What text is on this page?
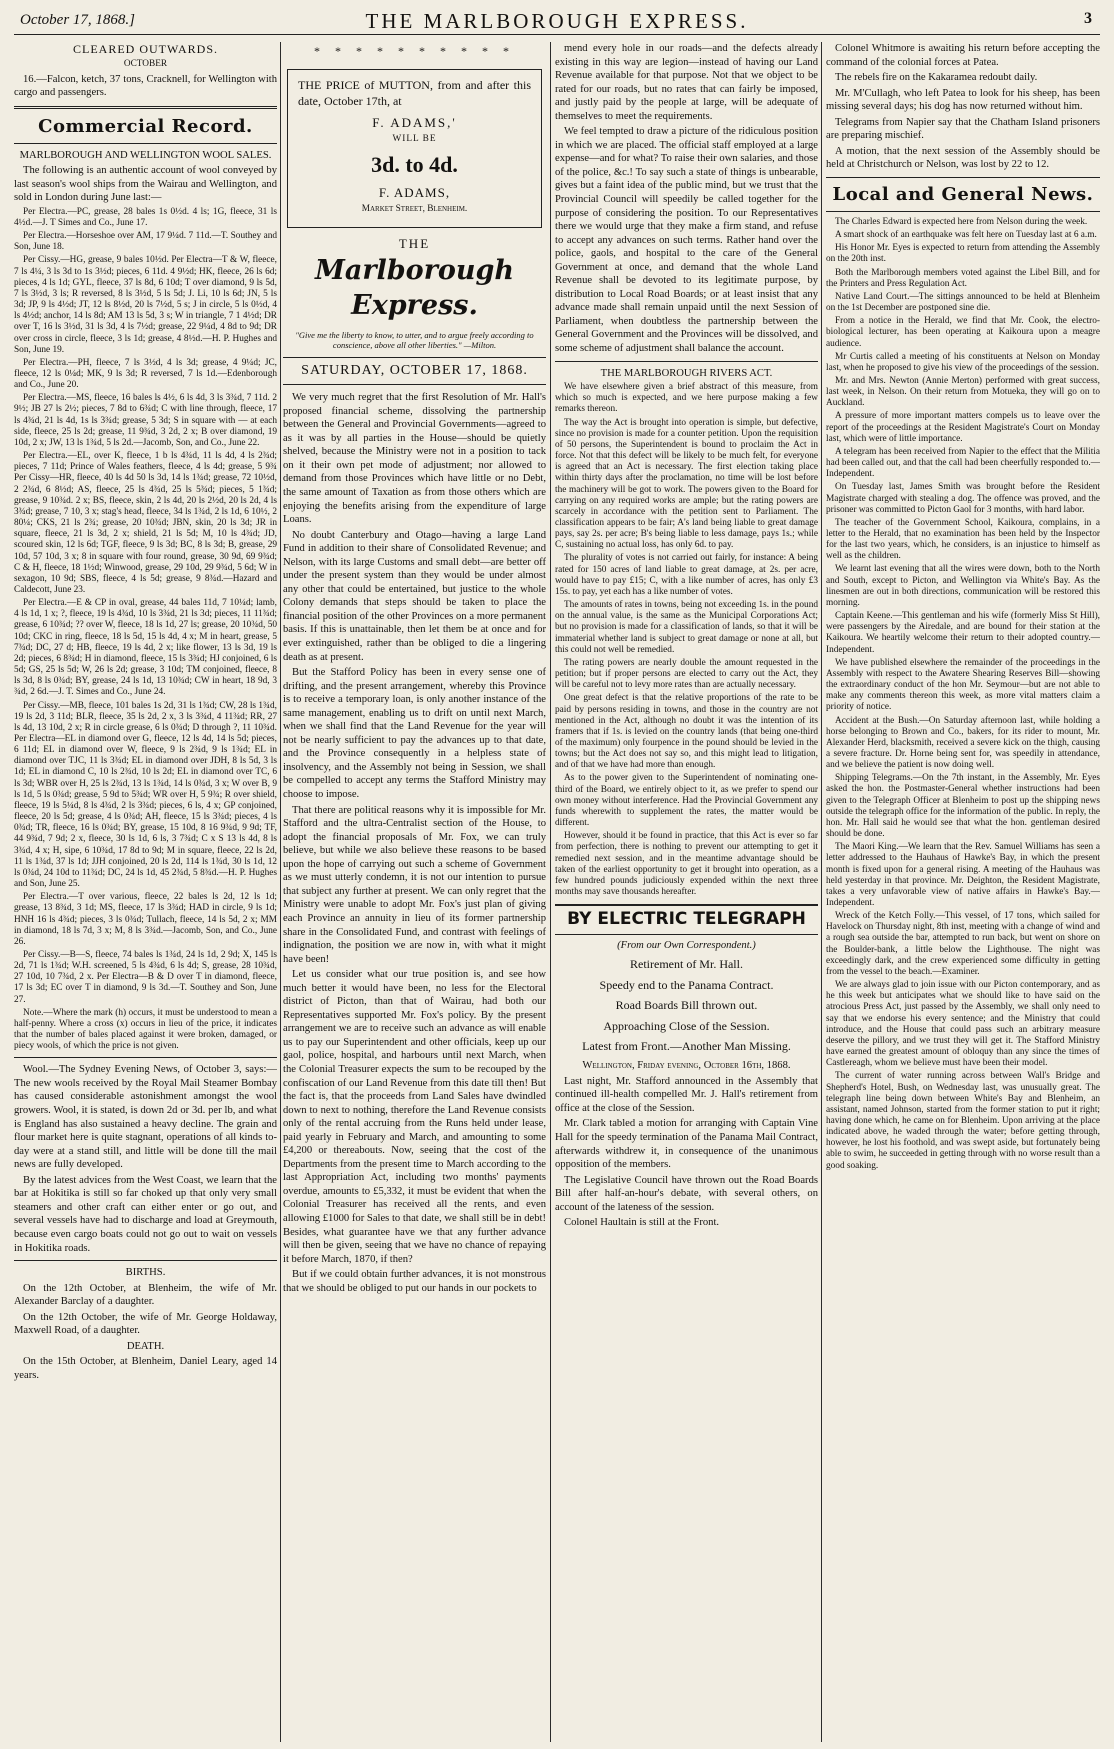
October 17, 1868.]	THE MARLBOROUGH EXPRESS.	3

CLEARED OUTWARDS.

OCTOBER

16.—Falcon, ketch, 37 tons, Cracknell, for Wellington with cargo and passengers.

Commercial Record.

MARLBOROUGH AND WELLINGTON WOOL SALES.

The following is an authentic account of wool conveyed by last season's wool ships from the Wairau and Wellington, and sold in London during June last:—

Per Electra.—PC, grease, 28 bales 1s 0½d. 4 ls; 1G, fleece, 31 ls 4½d.—J. T Simes and Co., June 17.

Per Electra.—Horseshoe over AM, 17 9¼d. 7 11d.—T. Southey and Son, June 18.

Per Cissy.—HG, grease, 9 bales 10½d. Per Electra—T & W, fleece, 7 ls 4¼, 3 ls 3d to 1s 3½d; pieces, 6 11d. 4 9½d; HK, fleece, 26 ls 6d; pieces, 4 ls 1d; GYL, fleece, 37 ls 8d, 6 10d; T over diamond, 9 ls 5d, 7 ls 3½d, 3 ls; R reversed, 8 ls 3½d, 5 ls 5d; J. Li, 10 ls 6d; JN, 5 ls 3d; JP, 9 ls 4½d; JT, 12 ls 8½d, 20 ls 7½d, 5 s; J in circle, 5 ls 0½d, 4 ls 4½d; anchor, 14 ls 8d; AM 13 ls 5d, 3 s; W in triangle, 7 1 4½d; DR over T, 16 ls 3½d, 31 ls 3d, 4 ls 7½d; grease, 22 9¼d, 4 8d to 9d; DR over cross in circle, fleece, 3 ls 1d; grease, 4 8½d.—H. P. Hughes and Son, June 19.

Per Electra.—PH, fleece, 7 ls 3½d, 4 ls 3d; grease, 4 9¼d; JC, fleece, 12 ls 0¼d; MK, 9 ls 3d; R reversed, 7 ls 1d.—Edenborough and Co., June 20.

Per Electra.—MS, fleece, 16 bales ls 4½, 6 ls 4d, 3 ls 3¾d, 7 11d. 2 9½; JB 27 ls 2½; pieces, 7 8d to 6¾d; C with line through, fleece, 17 ls 4¾d, 21 ls 4d, 1s ls 3¾d; grease, 5 3d; S in square with — at each side, fleece, 25 ls 2d; grease, 11 9¾d, 3 2d, 2 x; B over diamond, 19 10d, 2 x; JW, 13 ls 1¾d, 5 ls 2d.—Jacomb, Son, and Co., June 22.

Per Electra.—EL, over K, fleece, 1 b ls 4¾d, 11 ls 4d, 4 ls 2¾d; pieces, 7 11d; Prince of Wales feathers, fleece, 4 ls 4d; grease, 5 9¾ Per Cissy—HR, fleece, 40 ls 4d 50 ls 3d, 14 ls 1¾d; grease, 72 10½d, 2 2¾d, 6 8½d; AS, fleece, 25 ls 4¾d, 25 ls 5¾d; pieces, 5 1¾d; grease, 9 10¾d. 2 x; BS, fleece, skin, 2 ls 4d, 20 ls 2½d, 20 ls 2d, 4 ls 3¾d; grease, 7 10, 3 x; stag's head, fleece, 34 ls 1¾d, 2 ls 1d, 6 10½, 2 80¼; CKS, 21 ls 2¾; grease, 20 10¾d; JBN, skin, 20 ls 3d; JR in square, fleece, 21 ls 3d, 2 x; shield, 21 ls 5d; M, 10 ls 4¾d; JD, scoured skin, 12 ls 6d; TGF, fleece, 9 ls 3d; BC, 8 ls 3d; B, grease, 29 10d, 57 10d, 3 x; 8 in square with four round, grease, 30 9d, 69 9¾d; C & H, fleece, 18 1½d; Winwood, grease, 29 10d, 29 9¾d, 5 6d; W in sexagon, 10 9d; SBS, fleece, 4 ls 5d; grease, 9 8¾d.—Hazard and Caldecott, June 23.

Per Electra.—E & CP in oval, grease, 44 bales 11d, 7 10¼d; lamb, 4 ls 1d, 1 x; ?, fleece, 19 ls 4¾d, 10 ls 3¾d, 21 ls 3d; pieces, 11 11¾d; grease, 6 10¾d; ?? over W, fleece, 18 ls 1d, 27 ls; grease, 20 10¾d, 50 10d; CKC in ring, fleece, 18 ls 5d, 15 ls 4d, 4 x; M in heart, grease, 5 7¾d; DC, 27 d; HB, fleece, 19 ls 4d, 2 x; like flower, 13 ls 3d, 19 ls 2d; pieces, 6 8¾d; H in diamond, fleece, 15 ls 3¾d; HJ conjoined, 6 ls 5d; GS, 25 ls 5d; W, 26 ls 2d; grease, 3 10d; TM conjoined, fleece, 8 ls 3d, 8 ls 0¾d; BY, grease, 24 ls 1d, 13 10¾d; CW in heart, 18 9d, 3 ¾d, 2 6d.—J. T. Simes and Co., June 24.

Per Cissy.—MB, fleece, 101 bales 1s 2d, 31 ls 1¾d; CW, 28 ls 1¾d, 19 ls 2d, 3 11d; BLR, fleece, 35 ls 2d, 2 x, 3 ls 3¾d, 4 11¾d; RR, 27 ls 4d, 13 10d, 2 x; R in circle grease, 6 ls 0¾d; D through ?, 11 10¾d. Per Electra—EL in diamond over G, fleece, 12 ls 4d, 14 ls 5d; pieces, 6 11d; EL in diamond over W, fleece, 9 ls 2¾d, 9 ls 1¾d; EL in diamond over TJC, 11 ls 3¾d; EL in diamond over JDH, 8 ls 5d, 3 ls 1d; EL in diamond C, 10 ls 2¾d, 10 ls 2d; EL in diamond over TC, 6 ls 3d; WBR over H, 25 ls 2¾d, 13 ls 1¾d, 14 ls 0¾d, 3 x; W over B, 9 ls 1d, 5 ls 0¾d; grease, 5 9d to 5¾d; WR over H, 5 9¾; R over shield, fleece, 19 ls 5¼d, 8 ls 4¾d, 2 ls 3¾d; pieces, 6 ls, 4 x; GP conjoined, fleece, 20 ls 5d; grease, 4 ls 0¾d; AH, fleece, 15 ls 3¾d; pieces, 4 ls 0¾d; TR, fleece, 16 ls 0¾d; BY, grease, 15 10d, 8 16 9¾d, 9 9d; TF, 44 9¾d, 7 9d; 2 x, fleece, 30 ls 1d, 6 ls, 3 7¾d; C x S 13 ls 4d, 8 ls 3¾d, 4 x; H, sipe, 6 10¾d, 17 8d to 9d; M in square, fleece, 22 ls 2d, 11 ls 1¾d, 37 ls 1d; JJH conjoined, 20 ls 2d, 114 ls 1¾d, 30 ls 1d, 12 ls 0¾d, 24 10d to 11¾d; DC, 24 ls 1d, 45 2¾d, 5 8¾d.—H. P. Hughes and Son, June 25.

Per Electra.—T over various, fleece, 22 bales ls 2d, 12 ls 1d; grease, 13 8¾d, 3 1d; MS, fleece, 17 ls 3¾d; HAD in circle, 9 ls 1d; HNH 16 ls 4¾d; pieces, 3 ls 0¾d; Tullach, fleece, 14 ls 5d, 2 x; MM in diamond, 18 ls 7d, 3 x; M, 8 ls 3¾d.—Jacomb, Son, and Co., June 26.

Per Cissy.—B—S, fleece, 74 bales ls 1¾d, 24 ls 1d, 2 9d; X, 145 ls 2d, 71 ls 1¾d; W.H. screened, 5 ls 4¾d, 6 ls 4d; S, grease, 28 10¾d, 27 10d, 10 7¾d, 2 x. Per Electra—B & D over T in diamond, fleece, 17 ls 3d; EC over T in diamond, 9 ls 3d.—T. Southey and Son, June 27.

Note.—Where the mark (h) occurs, it must be understood to mean a half-penny. Where a cross (x) occurs in lieu of the price, it indicates that the number of bales placed against it were broken, damaged, or piecy wools, of which the price is not given.

Wool.—The Sydney Evening News, of October 3, says:—The new wools received by the Royal Mail Steamer Bombay has caused considerable astonishment amongst the wool growers. Wool, it is stated, is down 2d or 3d. per lb, and what is England has also sustained a heavy decline. The grain and flour market here is quite stagnant, operations of all kinds to-day were at a stand still, and little will be done till the mail news are fully developed.

By the latest advices from the West Coast, we learn that the bar at Hokitika is still so far choked up that only very small steamers and other craft can either enter or go out, and several vessels have had to discharge and load at Greymouth, because even cargo boats could not go out to wait on vessels in Hokitika roads.

BIRTHS.

On the 12th October, at Blenheim, the wife of Mr. Alexander Barclay of a daughter.

On the 12th October, the wife of Mr. George Holdaway, Maxwell Road, of a daughter.

DEATH.

On the 15th October, at Blenheim, Daniel Leary, aged 14 years.

* * * * * * * * * *

THE PRICE of MUTTON, from and after this date, October 17th, at

F. ADAMS,'

WILL BE

3d. to 4d.

F. ADAMS,

Market Street, Blenheim.

THE

Marlborough Express.

"Give me the liberty to know, to utter, and to argue freely according to conscience, above all other liberties." —Milton.

SATURDAY, OCTOBER 17, 1868.

We very much regret that the first Resolution of Mr. Hall's proposed financial scheme, dissolving the partnership between the General and Provincial Governments—agreed to as it was by all parties in the House—should be quietly shelved, because the Ministry were not in a position to tack on it their own pet mode of adjustment; nor allowed to demand from those Provinces which have little or no Debt, the same amount of Taxation as from those others which are enjoying the benefits arising from the expenditure of large Loans.

No doubt Canterbury and Otago—having a large Land Fund in addition to their share of Consolidated Revenue; and Nelson, with its large Customs and small debt—are better off under the present system than they would be under almost any other that could be entertained, but justice to the whole Colony demands that steps should be taken to place the financial position of the other Provinces on a more permanent basis. If this is unattainable, then let them be at once and for ever extinguished, rather than be obliged to die a lingering death as at present.

But the Stafford Policy has been in every sense one of drifting, and the present arrangement, whereby this Province is to receive a temporary loan, is only another instance of the same management, enabling us to drift on until next March, when we shall find that the Land Revenue for the year will not be nearly sufficient to pay the advances up to that date, and the Province consequently in a helpless state of insolvency, and the Assembly not being in Session, we shall be compelled to accept any terms the Stafford Ministry may choose to impose.

That there are political reasons why it is impossible for Mr. Stafford and the ultra-Centralist section of the House, to adopt the financial proposals of Mr. Fox, we can truly believe, but while we also believe these reasons to be based upon the hope of carrying out such a scheme of Government as we must utterly condemn, it is not our intention to pursue that subject any further at present. We can only regret that the Ministry were unable to adopt Mr. Fox's just plan of giving each Province an annuity in lieu of its former partnership share in the Consolidated Fund, and contrast with feelings of indignation, the position we are now in, with what it might have been!

Let us consider what our true position is, and see how much better it would have been, no less for the Electoral district of Picton, than that of Wairau, had both our Representatives supported Mr. Fox's policy. By the present arrangement we are to receive such an advance as will enable us to pay our Superintendent and other officials, keep up our gaol, police, hospital, and harbours until next March, when the Colonial Treasurer expects the sum to be recouped by the confiscation of our Land Revenue from this date till then! But the fact is, that the proceeds from Land Sales have dwindled down to next to nothing, therefore the Land Revenue consists only of the rental accruing from the Runs held under lease, paid yearly in February and March, and amounting to some £4,200 or thereabouts. Now, seeing that the cost of the Departments from the present time to March according to the last Appropriation Act, including two months' payments overdue, amounts to £5,332, it must be evident that when the Colonial Treasurer has received all the rents, and even allowing £1000 for Sales to that date, we shall still be in debt! Besides, what guarantee have we that any further advance will then be given, seeing that we have no chance of repaying it before March, 1870, if then?

But if we could obtain further advances, it is not monstrous that we should be obliged to put our hands in our pockets to

mend every hole in our roads—and the defects already existing in this way are legion—instead of having our Land Revenue available for that purpose. Not that we object to be rated for our roads, but no rates that can fairly be imposed, and justly paid by the people at large, will be adequate of themselves to meet the requirements.

We feel tempted to draw a picture of the ridiculous position in which we are placed. The official staff employed at a large expense—and for what? To raise their own salaries, and those of the police, &c.! To say such a state of things is unbearable, gives but a faint idea of the public mind, but we trust that the Provincial Council will speedily be called together for the purpose of considering the position. To our Representatives there we would urge that they make a firm stand, and refuse to accept any advances on such terms. Rather hand over the police, gaols, and hospital to the care of the General Government at once, and demand that the whole Land Revenue shall be devoted to its legitimate purpose, by distribution to Local Road Boards; or at least insist that any advance made shall remain unpaid until the next Session of Parliament, when doubtless the partnership between the General Government and the Provinces will be dissolved, and some scheme of adjustment shall balance the account.

THE MARLBOROUGH RIVERS ACT.

We have elsewhere given a brief abstract of this measure, from which so much is expected, and we here purpose making a few remarks thereon.

The way the Act is brought into operation is simple, but defective, since no provision is made for a counter petition. Upon the requisition of 50 persons, the Superintendent is bound to proclaim the Act in force. Not that this defect will be likely to be much felt, for everyone is agreed that an Act is necessary. The first election taking place within thirty days after the proclamation, no time will be lost before the machinery will be got to work. The powers given to the Board for carrying on any required works are ample; but the rating powers are scarcely in accordance with the petition sent to Parliament. The classification appears to be fair; A's land being liable to great damage pays, say 2s. per acre; B's being liable to less damage, pays 1s.; while C, sustaining no actual loss, has only 6d. to pay.

The plurality of votes is not carried out fairly, for instance: A being rated for 150 acres of land liable to great damage, at 2s. per acre, would have to pay £15; C, with a like number of acres, has only £3 15s. to pay, yet each has a like number of votes.

The amounts of rates in towns, being not exceeding 1s. in the pound on the annual value, is the same as the Municipal Corporations Act; but no provision is made for a classification of lands, so that it will be immaterial whether land is subject to great damage or none at all, but this could not well be remedied.

The rating powers are nearly double the amount requested in the petition; but if proper persons are elected to carry out the Act, they will be careful not to levy more rates than are actually necessary.

One great defect is that the relative proportions of the rate to be paid by persons residing in towns, and those in the country are not mentioned in the Act, although no doubt it was the intention of its framers that if 1s. is levied on the country lands (that being one-third of the maximum) only fourpence in the pound should be levied in the towns; but the Act does not say so, and this might lead to litigation, and of that we have had more than enough.

As to the power given to the Superintendent of nominating one-third of the Board, we entirely object to it, as we prefer to spend our own money without interference. Had the Provincial Government any funds wherewith to supplement the rates, the matter would be different.

However, should it be found in practice, that this Act is ever so far from perfection, there is nothing to prevent our attempting to get it remedied next session, and in the meantime advantage should be taken of the earliest opportunity to get it brought into operation, as a few hundred pounds judiciously expended within the next three months may save thousands hereafter.

BY ELECTRIC TELEGRAPH

(From our Own Correspondent.)

Retirement of Mr. Hall.

Speedy end to the Panama Contract.

Road Boards Bill thrown out.

Approaching Close of the Session.

Latest from Front.—Another Man Missing.

Wellington, Friday evening, October 16th, 1868.

Last night, Mr. Stafford announced in the Assembly that continued ill-health compelled Mr. J. Hall's retirement from office at the close of the Session.

Mr. Clark tabled a motion for arranging with Captain Vine Hall for the speedy termination of the Panama Mail Contract, afterwards withdrew it, in consequence of the unanimous opposition of the members.

The Legislative Council have thrown out the Road Boards Bill after half-an-hour's debate, with several others, on account of the lateness of the session.

Colonel Haultain is still at the Front.

Colonel Whitmore is awaiting his return before accepting the command of the colonial forces at Patea.

The rebels fire on the Kakaramea redoubt daily.

Mr. M'Cullagh, who left Patea to look for his sheep, has been missing several days; his dog has now returned without him.

Telegrams from Napier say that the Chatham Island prisoners are preparing mischief.

A motion, that the next session of the Assembly should be held at Christchurch or Nelson, was lost by 22 to 12.

Local and General News.

The Charles Edward is expected here from Nelson during the week.

A smart shock of an earthquake was felt here on Tuesday last at 6 a.m.

His Honor Mr. Eyes is expected to return from attending the Assembly on the 20th inst.

Both the Marlborough members voted against the Libel Bill, and for the Printers and Press Regulation Act.

Native Land Court.—The sittings announced to be held at Blenheim on the 1st December are postponed sine die.

From a notice in the Herald, we find that Mr. Cook, the electro-biological lecturer, has been operating at Kaikoura upon a meagre audience.

Mr Curtis called a meeting of his constituents at Nelson on Monday last, when he proposed to give his view of the proceedings of the session.

Mr. and Mrs. Newton (Annie Merton) performed with great success, last week, in Nelson. On their return from Motueka, they will go on to Auckland.

A pressure of more important matters compels us to leave over the report of the proceedings at the Resident Magistrate's Court on Monday last, which were of little importance.

A telegram has been received from Napier to the effect that the Militia had been called out, and that the call had been cheerfully responded to.—Independent.

On Tuesday last, James Smith was brought before the Resident Magistrate charged with stealing a dog. The offence was proved, and the prisoner was committed to Picton Gaol for 3 months, with hard labor.

The teacher of the Government School, Kaikoura, complains, in a letter to the Herald, that no examination has been held by the Inspector for the last two years, which, he considers, is an injustice to himself as well as the children.

We learnt last evening that all the wires were down, both to the North and South, except to Picton, and Wellington via White's Bay. As the linesmen are out in both directions, communication will be restored this morning.

Captain Keene.—This gentleman and his wife (formerly Miss St Hill), were passengers by the Airedale, and are bound for their station at the Kaikoura. We heartily welcome their return to their adopted country.—Independent.

We have published elsewhere the remainder of the proceedings in the Assembly with respect to the Awatere Shearing Reserves Bill—showing the extraordinary conduct of the hon Mr. Seymour—but are not able to make any comments thereon this week, as more vital matters claim a priority of notice.

Accident at the Bush.—On Saturday afternoon last, while holding a horse belonging to Brown and Co., bakers, for its rider to mount, Mr. Alexander Herd, blacksmith, received a severe kick on the thigh, causing a severe fracture. Dr. Horne being sent for, was speedily in attendance, and we believe the patient is now doing well.

Shipping Telegrams.—On the 7th instant, in the Assembly, Mr. Eyes asked the hon. the Postmaster-General whether instructions had been given to the Telegraph Officer at Blenheim to post up the shipping news outside the telegraph office for the information of the public. In reply, the hon. Mr. Hall said he would see that what the hon. gentleman desired should be done.

The Maori King.—We learn that the Rev. Samuel Williams has seen a letter addressed to the Hauhaus of Hawke's Bay, in which the present month is fixed upon for a general rising. A meeting of the Hauhaus was held yesterday in that province. Mr. Deighton, the Resident Magistrate, takes a very unfavorable view of native affairs in Hawke's Bay.—Independent.

Wreck of the Ketch Folly.—This vessel, of 17 tons, which sailed for Havelock on Thursday night, 8th inst, meeting with a change of wind and a rough sea outside the bar, attempted to run back, but went on shore on the Boulder-bank, a little below the Lighthouse. The night was exceedingly dark, and the crew experienced some difficulty in getting from the vessel to the beach.—Examiner.

We are always glad to join issue with our Picton contemporary, and as he this week but anticipates what we should like to have said on the atrocious Press Act, just passed by the Assembly, we shall only need to say that we endorse his every sentence; and the Ministry that could introduce, and the House that could pass such an arbitrary measure deserve the pillory, and we trust they will get it. The Stafford Ministry have earned the greatest amount of obloquy than any since the times of Castlereagh, whom we believe must have been their model.

The current of water running across between Wall's Bridge and Shepherd's Hotel, Bush, on Wednesday last, was unusually great. The telegraph line being down between White's Bay and Blenheim, an assistant, named Johnson, started from the former station to put it right; having done which, he came on for Blenheim. Upon arriving at the place indicated above, he waded through the water; before getting through, however, he lost his foothold, and was swept aside, but fortunately being able to swim, he succeeded in getting through with no worse result than a good soaking.
